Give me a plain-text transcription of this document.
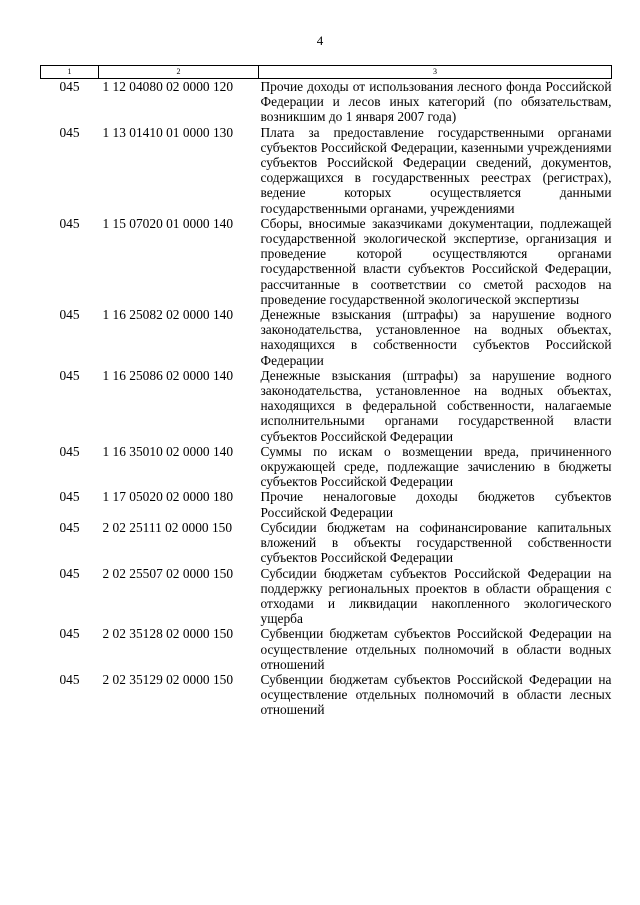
4
1	2	3
045	1 12 04080 02 0000 120	Прочие доходы от использования лесного фонда Российской Федерации и лесов иных категорий (по обязательствам, возникшим до 1 января 2007 года)
045	1 13 01410 01 0000 130	Плата за предоставление государственными органами субъектов Российской Федерации, казенными учреждениями субъектов Российской Федерации сведений, документов, содержащихся в государственных реестрах (регистрах), ведение которых осуществляется данными государственными органами, учреждениями
045	1 15 07020 01 0000 140	Сборы, вносимые заказчиками документации, подлежащей государственной экологической экспертизе, организация и проведение которой осуществляются органами государственной власти субъектов Российской Федерации, рассчитанные в соответствии со сметой расходов на проведение государственной экологической экспертизы
045	1 16 25082 02 0000 140	Денежные взыскания (штрафы) за нарушение водного законодательства, установленное на водных объектах, находящихся в собственности субъектов Российской Федерации
045	1 16 25086 02 0000 140	Денежные взыскания (штрафы) за нарушение водного законодательства, установленное на водных объектах, находящихся в федеральной собственности, налагаемые исполнительными органами государственной власти субъектов Российской Федерации
045	1 16 35010 02 0000 140	Суммы по искам о возмещении вреда, причиненного окружающей среде, подлежащие зачислению в бюджеты субъектов Российской Федерации
045	1 17 05020 02 0000 180	Прочие неналоговые доходы бюджетов субъектов Российской Федерации
045	2 02 25111 02 0000 150	Субсидии бюджетам на софинансирование капитальных вложений в объекты государственной собственности субъектов Российской Федерации
045	2 02 25507 02 0000 150	Субсидии бюджетам субъектов Российской Федерации на поддержку региональных проектов в области обращения с отходами и ликвидации накопленного экологического ущерба
045	2 02 35128 02 0000 150	Субвенции бюджетам субъектов Российской Федерации на осуществление отдельных полномочий в области водных отношений
045	2 02 35129 02 0000 150	Субвенции бюджетам субъектов Российской Федерации на осуществление отдельных полномочий в области лесных отношений
